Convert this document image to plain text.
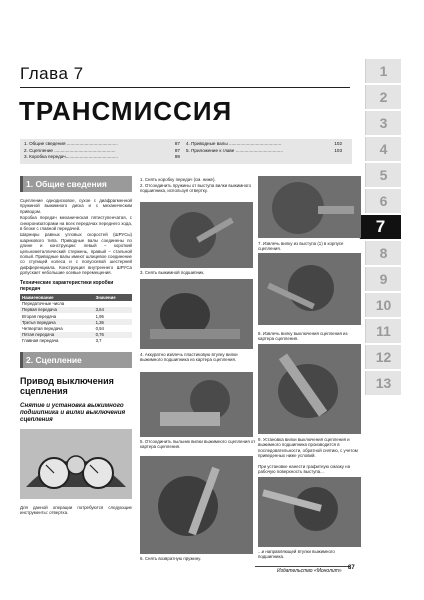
Глава 7
ТРАНСМИССИЯ
1. Общие сведения ........................................	87
2. Сцепление ................................................	87
3. Коробка передач.........................................	89
4. Приводные валы .........................................	102
5. Приложение к главе .....................................	103
1
2
3
4
5
6
7
8
9
10
11
12
13
1. Общие сведения
Сцепление однодисковое, сухое с диафрагменной пружиной выжимного диска и с механическим приводом.
Коробка передач механическая пятиступенчатая, с синхронизаторами на всех передачах переднего хода, в блоке с главной передачей.
Шарниры равных угловых скоростей (ШРУСы) шарикового типа. Приводные валы соединены по длине и конструкции: левый – короткий цельнометаллический стержень, правый – стальной полый. Приводные валы имеют шлицевое соединение со ступицей колеса и с полуосевой шестерней дифференциала. Конструкция внутреннего ШРУСа допускает небольшие осевые перемещения.
Технические характеристики коробки передач
Наименование	Значение
Передаточные числа	
Первая передача	3,64
Вторая передача	1,95
Третья передача	1,36
Четвертая передача	0,94
Пятая передача	0,76
Главная передача	3,7
2. Сцепление
Привод выключения сцепления
Снятие и установка выжимного подшипника и вилки выключения сцепления
Для данной операции потребуются следующие инструменты: отвертка.
1. Снять коробку передач (см. ниже).
2. Отсоединить пружины от выступа вилки выжимного подшипника, используя отвертку.
3. Снять выжимной подшипник.
4. Аккуратно извлечь пластиковую втулку вилки выжимного подшипника из картера сцепления.
5. Отсоединить пыльник вилки выжимного сцепления от картера сцепления.
6. Снять возвратную пружину.
7. Извлечь вилку из выступа (1) в корпусе сцепления.
8. Извлечь вилку выключения сцепления из картера сцепления.
9. Установка вилки выключения сцепления и выжимного подшипника производится в последовательности, обратной снятию, с учетом приведенных ниже условий.
При установке нанести графитную смазку на рабочую поверхность выступа...
...и направляющей втулки выжимного подшипника.
Издательство «Монолит» 87
